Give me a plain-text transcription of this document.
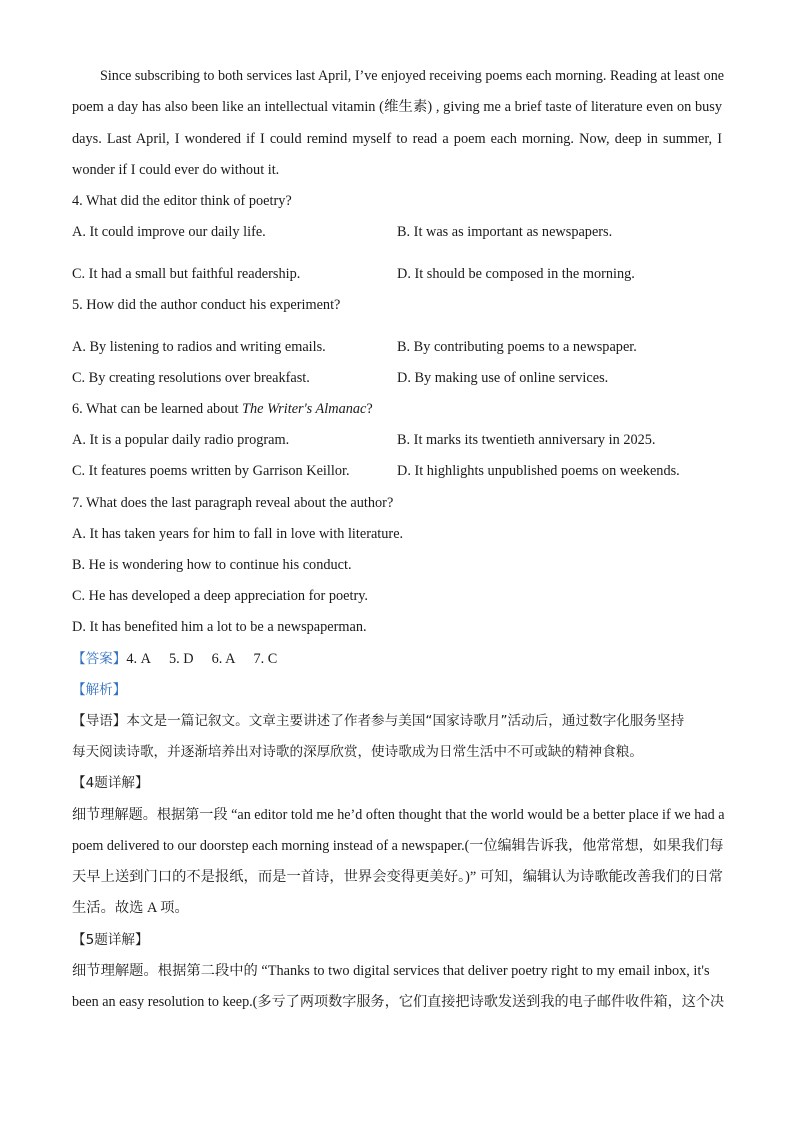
Since subscribing to both services last April, I’ve enjoyed receiving poems each morning. Reading at least one
poem a day has also been like an intellectual vitamin (维生素) , giving me a brief taste of literature even on busy
days. Last April, I wondered if I could remind myself to read a poem each morning. Now, deep in summer, I
wonder if I could ever do without it.
4. What did the editor think of poetry?
A. It could improve our daily life.	B. It was as important as newspapers.
C. It had a small but faithful readership.	D. It should be composed in the morning.
5. How did the author conduct his experiment?
A. By listening to radios and writing emails.	B. By contributing poems to a newspaper.
C. By creating resolutions over breakfast.	D. By making use of online services.
6. What can be learned about The Writer's Almanac?
A. It is a popular daily radio program.	B. It marks its twentieth anniversary in 2025.
C. It features poems written by Garrison Keillor.	D. It highlights unpublished poems on weekends.
7. What does the last paragraph reveal about the author?
A. It has taken years for him to fall in love with literature.
B. He is wondering how to continue his conduct.
C. He has developed a deep appreciation for poetry.
D. It has benefited him a lot to be a newspaperman.
【答案】4. A 5. D 6. A 7. C
【解析】
【导语】本文是一篇记叙文。文章主要讲述了作者参与美国“国家诗歌月”活动后，通过数字化服务坚持
每天阅读诗歌，并逐渐培养出对诗歌的深厚欣赏，使诗歌成为日常生活中不可或缺的精神食粮。
【4题详解】
细节理解题。根据第一段 “an editor told me he’d often thought that the world would be a better place if we had a
poem delivered to our doorstep each morning instead of a newspaper.(一位编辑告诉我，他常常想，如果我们每
天早上送到门口的不是报纸，而是一首诗，世界会变得更美好。)” 可知，编辑认为诗歌能改善我们的日常
生活。故选 A 项。
【5题详解】
细节理解题。根据第二段中的 “Thanks to two digital services that deliver poetry right to my email inbox, it's
been an easy resolution to keep.(多亏了两项数字服务，它们直接把诗歌发送到我的电子邮件收件箱，这个决
